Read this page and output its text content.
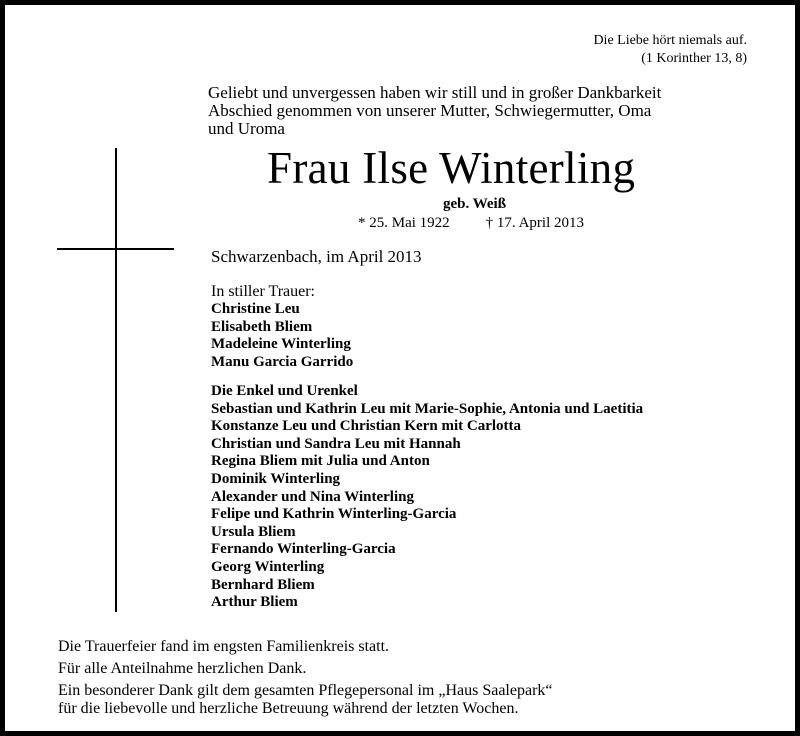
Die Liebe hört niemals auf.
(1 Korinther 13, 8)
Geliebt und unvergessen haben wir still und in großer Dankbarkeit
Abschied genommen von unserer Mutter, Schwiegermutter, Oma
und Uroma
Frau Ilse Winterling
geb. Weiß
* 25. Mai 1922 † 17. April 2013
Schwarzenbach, im April 2013
In stiller Trauer:
Christine Leu
Elisabeth Bliem
Madeleine Winterling
Manu Garcia Garrido
Die Enkel und Urenkel
Sebastian und Kathrin Leu mit Marie-Sophie, Antonia und Laetitia
Konstanze Leu und Christian Kern mit Carlotta
Christian und Sandra Leu mit Hannah
Regina Bliem mit Julia und Anton
Dominik Winterling
Alexander und Nina Winterling
Felipe und Kathrin Winterling-Garcia
Ursula Bliem
Fernando Winterling-Garcia
Georg Winterling
Bernhard Bliem
Arthur Bliem
Die Trauerfeier fand im engsten Familienkreis statt.
Für alle Anteilnahme herzlichen Dank.
Ein besonderer Dank gilt dem gesamten Pflegepersonal im „Haus Saalepark“
für die liebevolle und herzliche Betreuung während der letzten Wochen.
